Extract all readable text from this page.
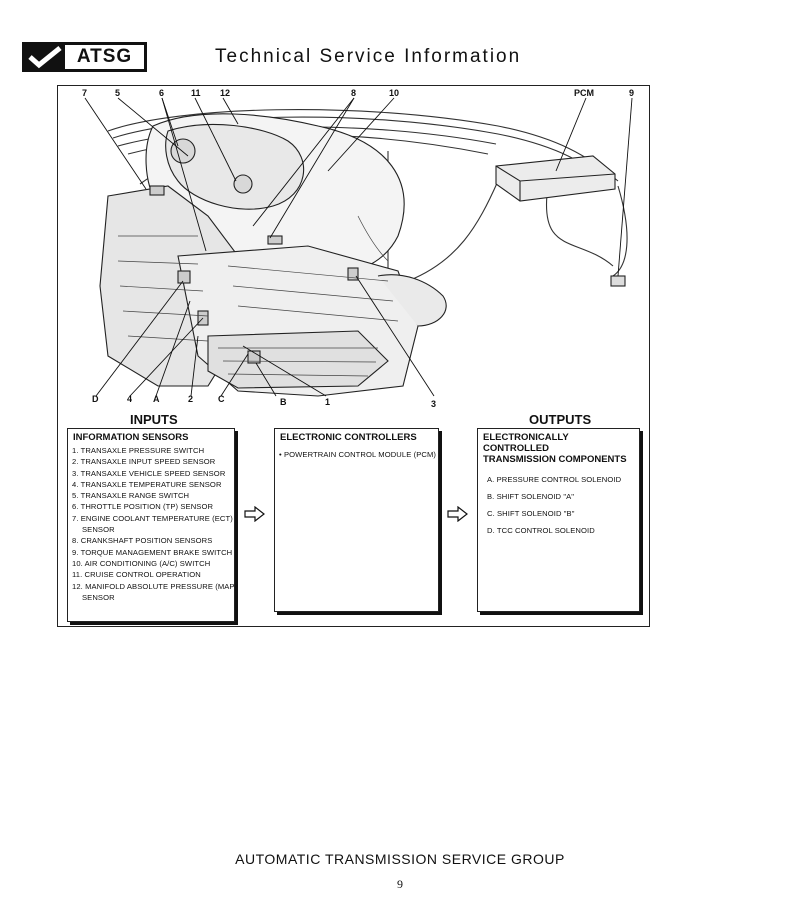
ATSG	Technical Service Information
7	5	6	11 12	8	10	PCM	9
D	4 A	2	C	B	1	3
INPUTS	OUTPUTS
INFORMATION SENSORS
1. TRANSAXLE PRESSURE SWITCH
2. TRANSAXLE INPUT SPEED SENSOR
3. TRANSAXLE VEHICLE SPEED SENSOR
4. TRANSAXLE TEMPERATURE SENSOR
5. TRANSAXLE RANGE SWITCH
6. THROTTLE POSITION (TP) SENSOR
7. ENGINE COOLANT TEMPERATURE (ECT)
SENSOR
8. CRANKSHAFT POSITION SENSORS
9. TORQUE MANAGEMENT BRAKE SWITCH
10. AIR CONDITIONING (A/C) SWITCH
11. CRUISE CONTROL OPERATION
12. MANIFOLD ABSOLUTE PRESSURE (MAP)
SENSOR
ELECTRONIC CONTROLLERS
• POWERTRAIN CONTROL MODULE (PCM)
ELECTRONICALLY CONTROLLED
TRANSMISSION COMPONENTS
A. PRESSURE CONTROL SOLENOID
B. SHIFT SOLENOID "A"
C. SHIFT SOLENOID "B"
D. TCC CONTROL SOLENOID
AUTOMATIC TRANSMISSION SERVICE GROUP
9
